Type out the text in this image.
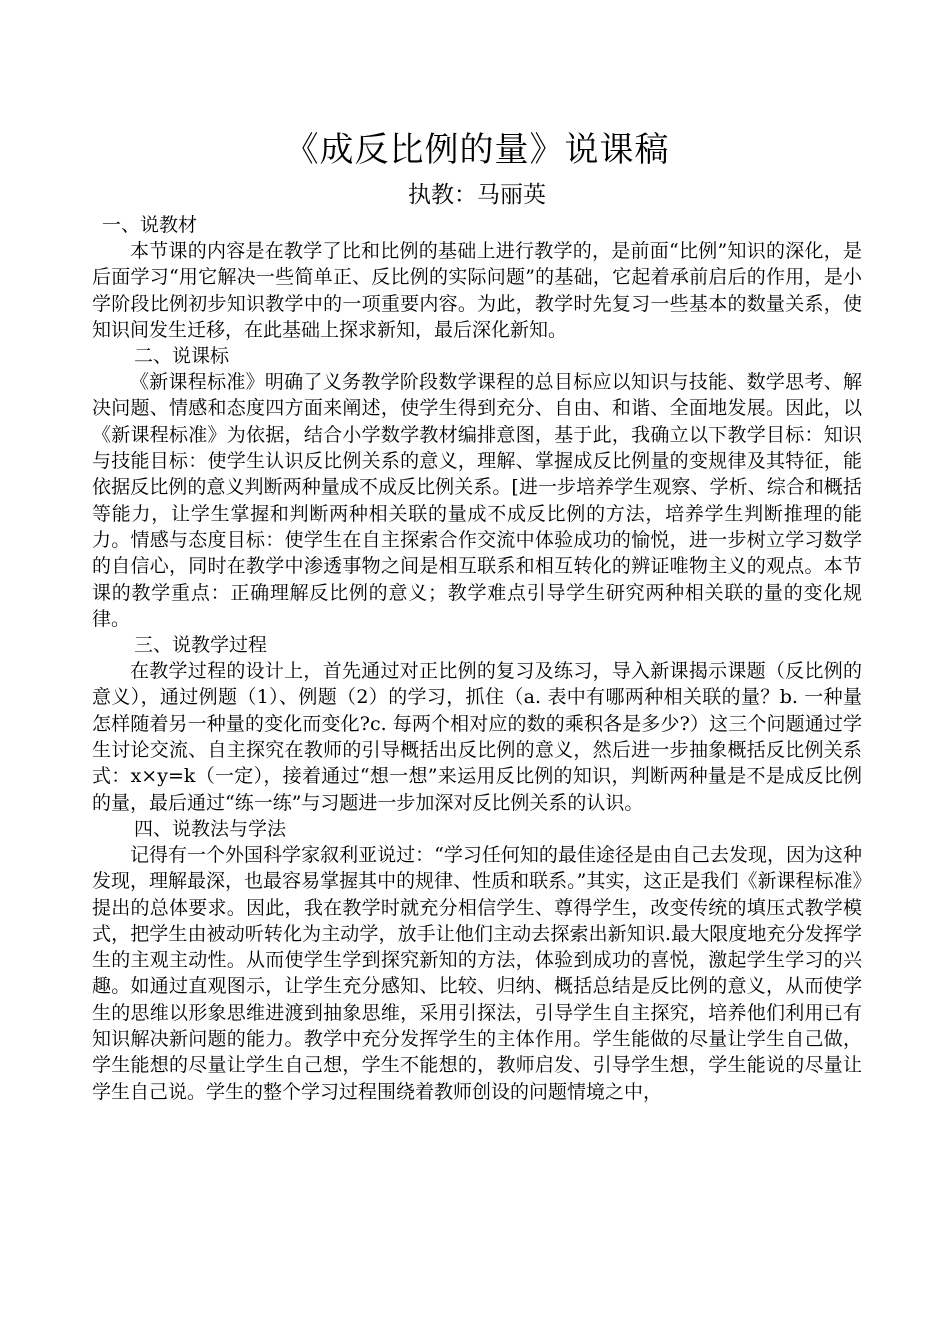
《成反比例的量》说课稿
执教：马丽英
一、说教材

本节课的内容是在教学了比和比例的基础上进行教学的，是前面“比例”知识的深化，是后面学习“用它解决一些简单正、反比例的实际问题”的基础，它起着承前启后的作用，是小学阶段比例初步知识教学中的一项重要内容。为此，教学时先复习一些基本的数量关系，使知识间发生迁移，在此基础上探求新知，最后深化新知。

二、说课标

《新课程标准》明确了义务教学阶段数学课程的总目标应以知识与技能、数学思考、解决问题、情感和态度四方面来阐述，使学生得到充分、自由、和谐、全面地发展。因此，以《新课程标准》为依据，结合小学数学教材编排意图，基于此，我确立以下教学目标：知识与技能目标：使学生认识反比例关系的意义，理解、掌握成反比例量的变规律及其特征，能依据反比例的意义判断两种量成不成反比例关系。[进一步培养学生观察、学析、综合和概括等能力，让学生掌握和判断两种相关联的量成不成反比例的方法，培养学生判断推理的能力。情感与态度目标：使学生在自主探索合作交流中体验成功的愉悦，进一步树立学习数学的自信心，同时在教学中渗透事物之间是相互联系和相互转化的辨证唯物主义的观点。本节课的教学重点：正确理解反比例的意义；教学难点引导学生研究两种相关联的量的变化规律。

三、说教学过程

在教学过程的设计上，首先通过对正比例的复习及练习，导入新课揭示课题（反比例的意义），通过例题（1）、例题（2）的学习，抓住（a. 表中有哪两种相关联的量？b. 一种量怎样随着另一种量的变化而变化?c. 每两个相对应的数的乘积各是多少?）这三个问题通过学生讨论交流、自主探究在教师的引导概括出反比例的意义，然后进一步抽象概括反比例关系式：x×y=k（一定），接着通过“想一想”来运用反比例的知识，判断两种量是不是成反比例的量，最后通过“练一练”与习题进一步加深对反比例关系的认识。

四、说教法与学法

记得有一个外国科学家叙利亚说过：“学习任何知的最佳途径是由自己去发现，因为这种发现，理解最深，也最容易掌握其中的规律、性质和联系。”其实，这正是我们《新课程标准》提出的总体要求。因此，我在教学时就充分相信学生、尊得学生，改变传统的填压式教学模式，把学生由被动听转化为主动学，放手让他们主动去探索出新知识.最大限度地充分发挥学生的主观主动性。从而使学生学到探究新知的方法，体验到成功的喜悦，激起学生学习的兴趣。如通过直观图示，让学生充分感知、比较、归纳、概括总结是反比例的意义，从而使学生的思维以形象思维进渡到抽象思维，采用引探法，引导学生自主探究，培养他们利用已有知识解决新问题的能力。教学中充分发挥学生的主体作用。学生能做的尽量让学生自己做，学生能想的尽量让学生自己想，学生不能想的，教师启发、引导学生想，学生能说的尽量让学生自己说。学生的整个学习过程围绕着教师创设的问题情境之中，
